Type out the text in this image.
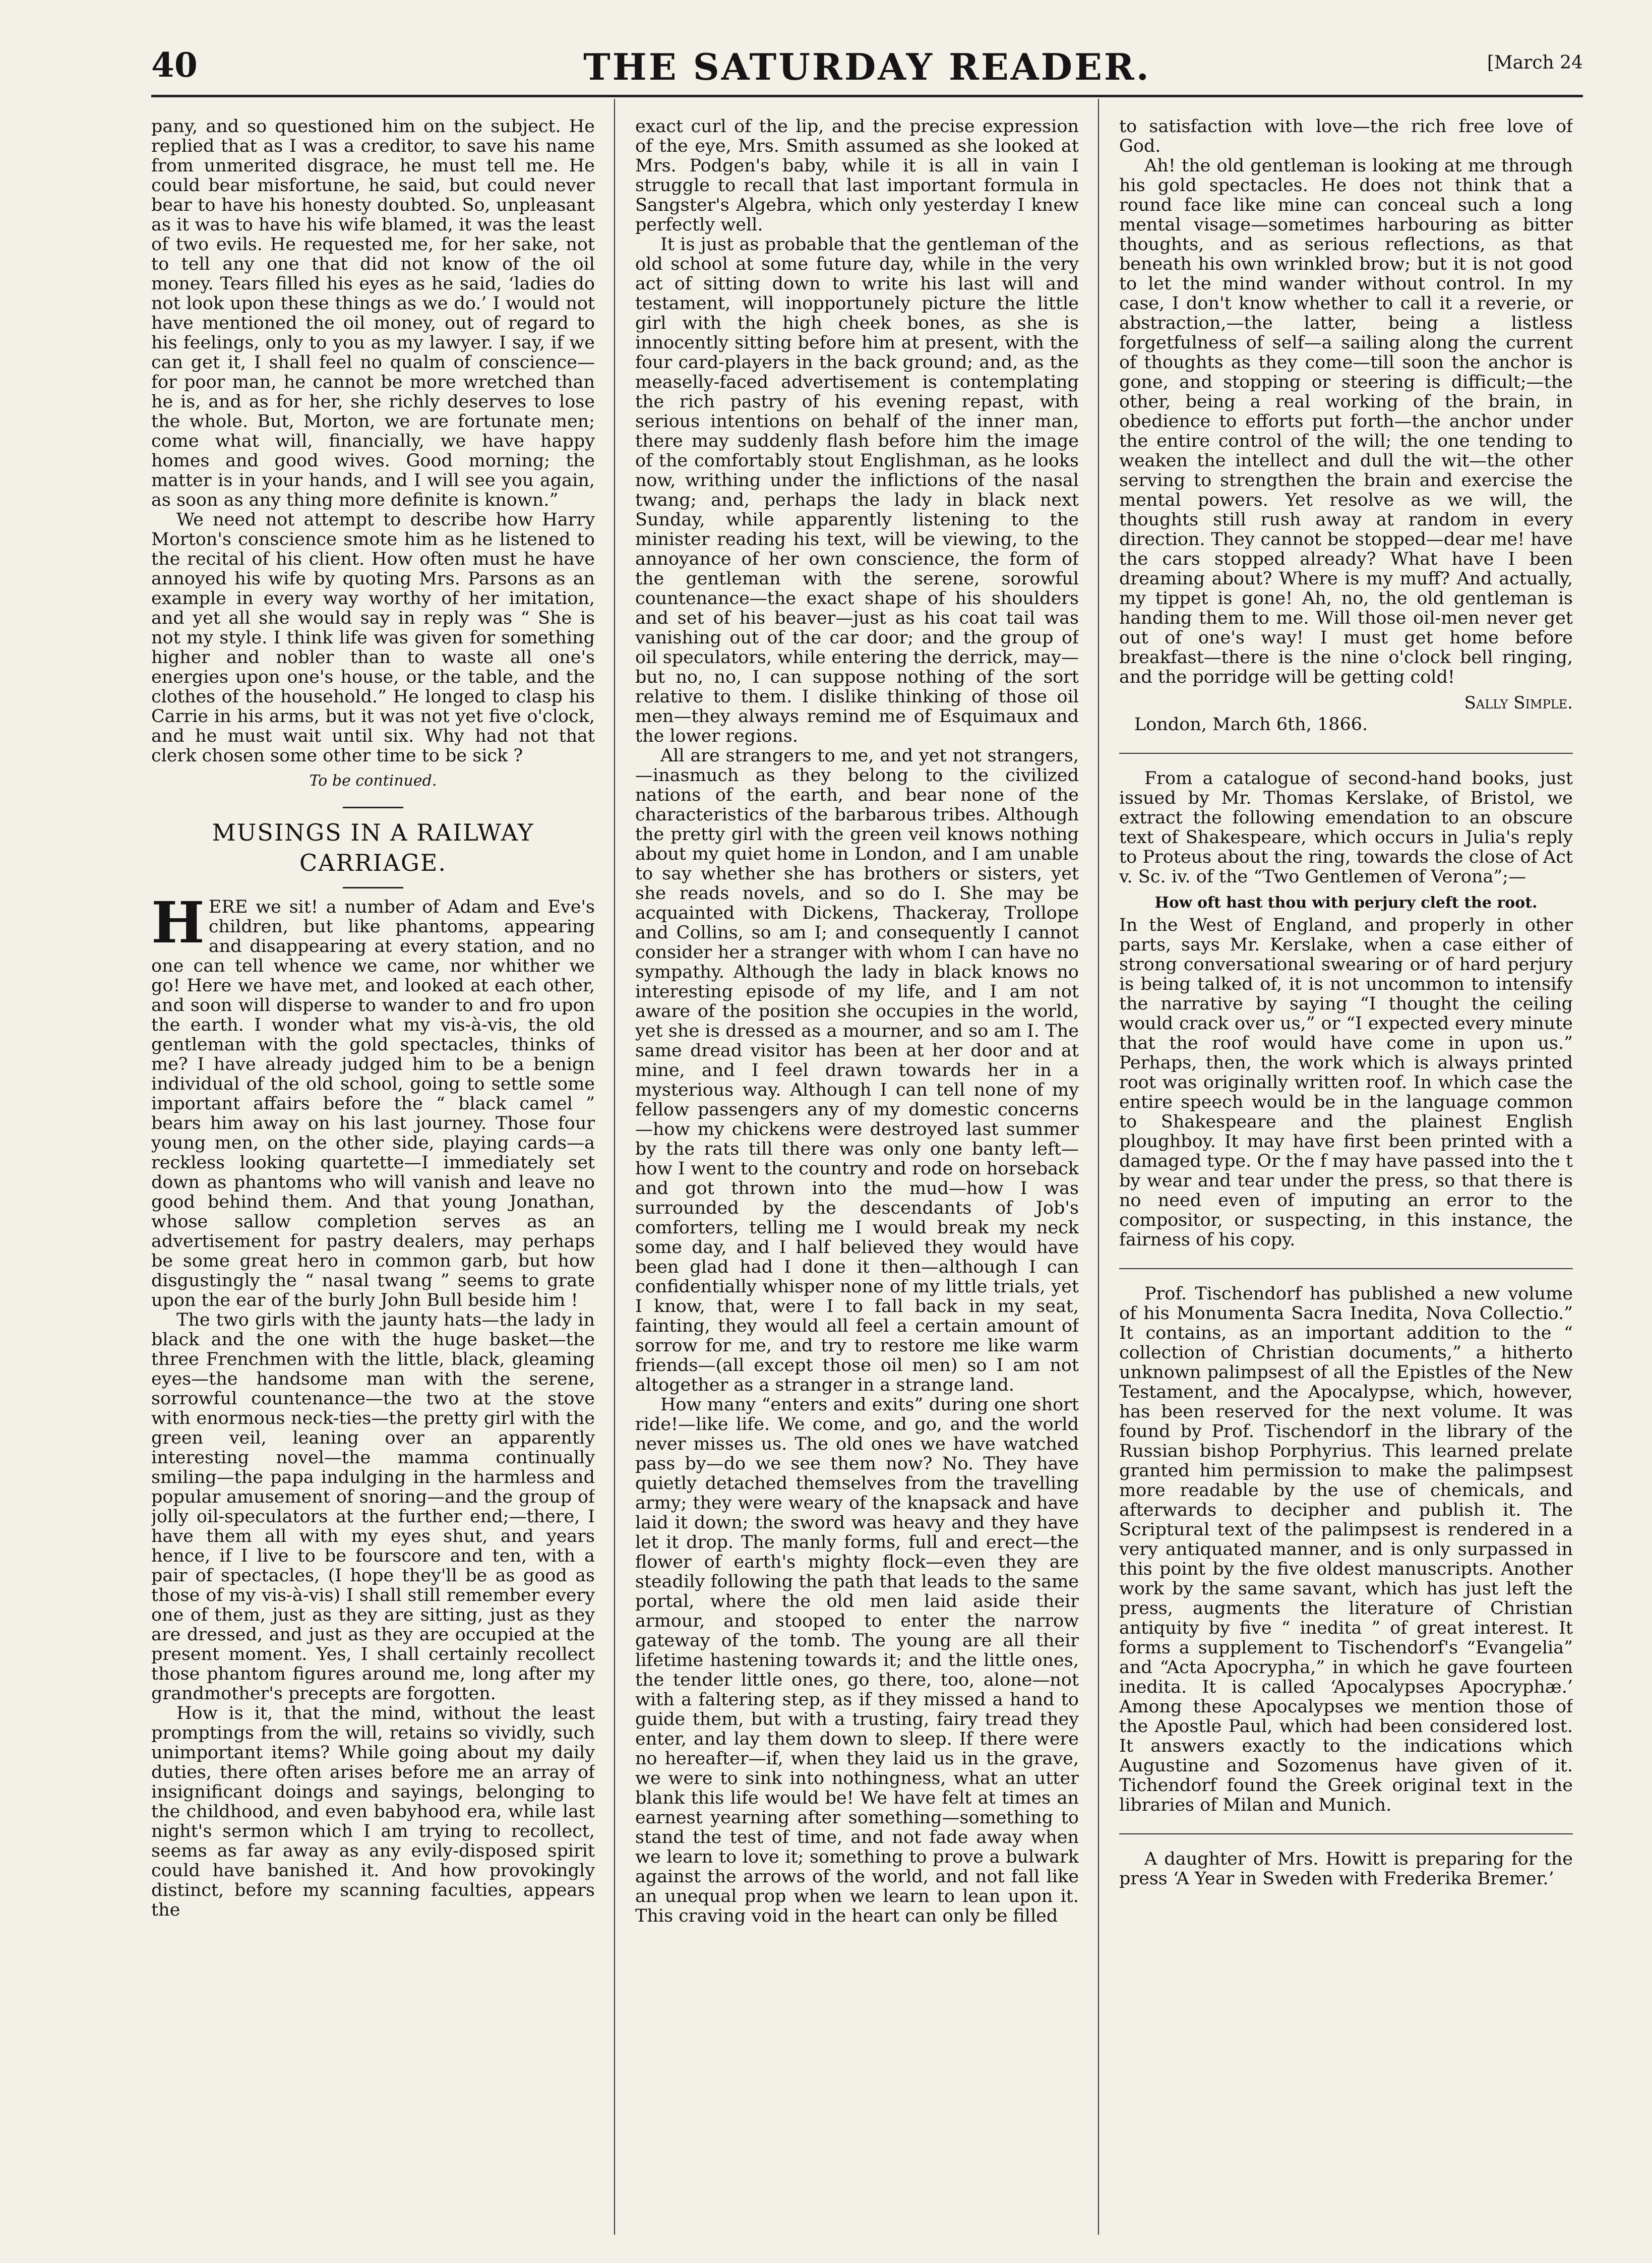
40	THE SATURDAY READER.	[March 24

pany, and so questioned him on the subject. He replied that as I was a creditor, to save his name from unmerited disgrace, he must tell me. He could bear misfortune, he said, but could never bear to have his honesty doubted. So, unpleasant as it was to have his wife blamed, it was the least of two evils. He requested me, for her sake, not to tell any one that did not know of the oil money. Tears filled his eyes as he said, ‘ladies do not look upon these things as we do.’ I would not have mentioned the oil money, out of regard to his feelings, only to you as my lawyer. I say, if we can get it, I shall feel no qualm of conscience—for poor man, he cannot be more wretched than he is, and as for her, she richly deserves to lose the whole. But, Morton, we are fortunate men; come what will, financially, we have happy homes and good wives. Good morning; the matter is in your hands, and I will see you again, as soon as any thing more definite is known.”

We need not attempt to describe how Harry Morton's conscience smote him as he listened to the recital of his client. How often must he have annoyed his wife by quoting Mrs. Parsons as an example in every way worthy of her imitation, and yet all she would say in reply was “ She is not my style. I think life was given for something higher and nobler than to waste all one's energies upon one's house, or the table, and the clothes of the household.” He longed to clasp his Carrie in his arms, but it was not yet five o'clock, and he must wait until six. Why had not that clerk chosen some other time to be sick ?

To be continued.
MUSINGS IN A RAILWAY CARRIAGE.

HERE we sit! a number of Adam and Eve's children, but like phantoms, appearing and disappearing at every station, and no one can tell whence we came, nor whither we go! Here we have met, and looked at each other, and soon will disperse to wander to and fro upon the earth. I wonder what my vis-à-vis, the old gentleman with the gold spectacles, thinks of me? I have already judged him to be a benign individual of the old school, going to settle some important affairs before the “ black camel ” bears him away on his last journey. Those four young men, on the other side, playing cards—a reckless looking quartette—I immediately set down as phantoms who will vanish and leave no good behind them. And that young Jonathan, whose sallow completion serves as an advertisement for pastry dealers, may perhaps be some great hero in common garb, but how disgustingly the “ nasal twang ” seems to grate upon the ear of the burly John Bull beside him !

The two girls with the jaunty hats—the lady in black and the one with the huge basket—the three Frenchmen with the little, black, gleaming eyes—the handsome man with the serene, sorrowful countenance—the two at the stove with enormous neck-ties—the pretty girl with the green veil, leaning over an apparently interesting novel—the mamma continually smiling—the papa indulging in the harmless and popular amusement of snoring—and the group of jolly oil-speculators at the further end;—there, I have them all with my eyes shut, and years hence, if I live to be fourscore and ten, with a pair of spectacles, (I hope they'll be as good as those of my vis-à-vis) I shall still remember every one of them, just as they are sitting, just as they are dressed, and just as they are occupied at the present moment. Yes, I shall certainly recollect those phantom figures around me, long after my grandmother's precepts are forgotten.

How is it, that the mind, without the least promptings from the will, retains so vividly, such unimportant items? While going about my daily duties, there often arises before me an array of insignificant doings and sayings, belonging to the childhood, and even babyhood era, while last night's sermon which I am trying to recollect, seems as far away as any evily-disposed spirit could have banished it. And how provokingly distinct, before my scanning faculties, appears the

exact curl of the lip, and the precise expression of the eye, Mrs. Smith assumed as she looked at Mrs. Podgen's baby, while it is all in vain I struggle to recall that last important formula in Sangster's Algebra, which only yesterday I knew perfectly well.

It is just as probable that the gentleman of the old school at some future day, while in the very act of sitting down to write his last will and testament, will inopportunely picture the little girl with the high cheek bones, as she is innocently sitting before him at present, with the four card-players in the back ground; and, as the measelly-faced advertisement is contemplating the rich pastry of his evening repast, with serious intentions on behalf of the inner man, there may suddenly flash before him the image of the comfortably stout Englishman, as he looks now, writhing under the inflictions of the nasal twang; and, perhaps the lady in black next Sunday, while apparently listening to the minister reading his text, will be viewing, to the annoyance of her own conscience, the form of the gentleman with the serene, sorowful countenance—the exact shape of his shoulders and set of his beaver—just as his coat tail was vanishing out of the car door; and the group of oil speculators, while entering the derrick, may—but no, no, I can suppose nothing of the sort relative to them. I dislike thinking of those oil men—they always remind me of Esquimaux and the lower regions.

All are strangers to me, and yet not strangers, —inasmuch as they belong to the civilized nations of the earth, and bear none of the characteristics of the barbarous tribes. Although the pretty girl with the green veil knows nothing about my quiet home in London, and I am unable to say whether she has brothers or sisters, yet she reads novels, and so do I. She may be acquainted with Dickens, Thackeray, Trollope and Collins, so am I; and consequently I cannot consider her a stranger with whom I can have no sympathy. Although the lady in black knows no interesting episode of my life, and I am not aware of the position she occupies in the world, yet she is dressed as a mourner, and so am I. The same dread visitor has been at her door and at mine, and I feel drawn towards her in a mysterious way. Although I can tell none of my fellow passengers any of my domestic concerns —how my chickens were destroyed last summer by the rats till there was only one banty left—how I went to the country and rode on horseback and got thrown into the mud—how I was surrounded by the descendants of Job's comforters, telling me I would break my neck some day, and I half believed they would have been glad had I done it then—although I can confidentially whisper none of my little trials, yet I know, that, were I to fall back in my seat, fainting, they would all feel a certain amount of sorrow for me, and try to restore me like warm friends—(all except those oil men) so I am not altogether as a stranger in a strange land.

How many “enters and exits” during one short ride!—like life. We come, and go, and the world never misses us. The old ones we have watched pass by—do we see them now? No. They have quietly detached themselves from the travelling army; they were weary of the knapsack and have laid it down; the sword was heavy and they have let it drop. The manly forms, full and erect—the flower of earth's mighty flock—even they are steadily following the path that leads to the same portal, where the old men laid aside their armour, and stooped to enter the narrow gateway of the tomb. The young are all their lifetime hastening towards it; and the little ones, the tender little ones, go there, too, alone—not with a faltering step, as if they missed a hand to guide them, but with a trusting, fairy tread they enter, and lay them down to sleep. If there were no hereafter—if, when they laid us in the grave, we were to sink into nothingness, what an utter blank this life would be! We have felt at times an earnest yearning after something—something to stand the test of time, and not fade away when we learn to love it; something to prove a bulwark against the arrows of the world, and not fall like an unequal prop when we learn to lean upon it. This craving void in the heart can only be filled

to satisfaction with love—the rich free love of God.

Ah! the old gentleman is looking at me through his gold spectacles. He does not think that a round face like mine can conceal such a long mental visage—sometimes harbouring as bitter thoughts, and as serious reflections, as that beneath his own wrinkled brow; but it is not good to let the mind wander without control. In my case, I don't know whether to call it a reverie, or abstraction,—the latter, being a listless forgetfulness of self—a sailing along the current of thoughts as they come—till soon the anchor is gone, and stopping or steering is difficult;—the other, being a real working of the brain, in obedience to efforts put forth—the anchor under the entire control of the will; the one tending to weaken the intellect and dull the wit—the other serving to strengthen the brain and exercise the mental powers. Yet resolve as we will, the thoughts still rush away at random in every direction. They cannot be stopped—dear me! have the cars stopped already? What have I been dreaming about? Where is my muff? And actually, my tippet is gone! Ah, no, the old gentleman is handing them to me. Will those oil-men never get out of one's way! I must get home before breakfast—there is the nine o'clock bell ringing, and the porridge will be getting cold!

Sally Simple.
London, March 6th, 1866.

From a catalogue of second-hand books, just issued by Mr. Thomas Kerslake, of Bristol, we extract the following emendation to an obscure text of Shakespeare, which occurs in Julia's reply to Proteus about the ring, towards the close of Act v. Sc. iv. of the “Two Gentlemen of Verona”;—

How oft hast thou with perjury cleft the root.

In the West of England, and properly in other parts, says Mr. Kerslake, when a case either of strong conversational swearing or of hard perjury is being talked of, it is not uncommon to intensify the narrative by saying “I thought the ceiling would crack over us,” or “I expected every minute that the roof would have come in upon us.” Perhaps, then, the work which is always printed root was originally written roof. In which case the entire speech would be in the language common to Shakespeare and the plainest English ploughboy. It may have first been printed with a damaged type. Or the f may have passed into the t by wear and tear under the press, so that there is no need even of imputing an error to the compositor, or suspecting, in this instance, the fairness of his copy.

Prof. Tischendorf has published a new volume of his Monumenta Sacra Inedita, Nova Collectio.” It contains, as an important addition to the “ collection of Christian documents,” a hitherto unknown palimpsest of all the Epistles of the New Testament, and the Apocalypse, which, however, has been reserved for the next volume. It was found by Prof. Tischendorf in the library of the Russian bishop Porphyrius. This learned prelate granted him permission to make the palimpsest more readable by the use of chemicals, and afterwards to decipher and publish it. The Scriptural text of the palimpsest is rendered in a very antiquated manner, and is only surpassed in this point by the five oldest manuscripts. Another work by the same savant, which has just left the press, augments the literature of Christian antiquity by five “ inedita ” of great interest. It forms a supplement to Tischendorf's “Evangelia” and “Acta Apocrypha,” in which he gave fourteen inedita. It is called ‘Apocalypses Apocryphæ.’ Among these Apocalypses we mention those of the Apostle Paul, which had been considered lost. It answers exactly to the indications which Augustine and Sozomenus have given of it. Tichendorf found the Greek original text in the libraries of Milan and Munich.

A daughter of Mrs. Howitt is preparing for the press ‘A Year in Sweden with Frederika Bremer.’
